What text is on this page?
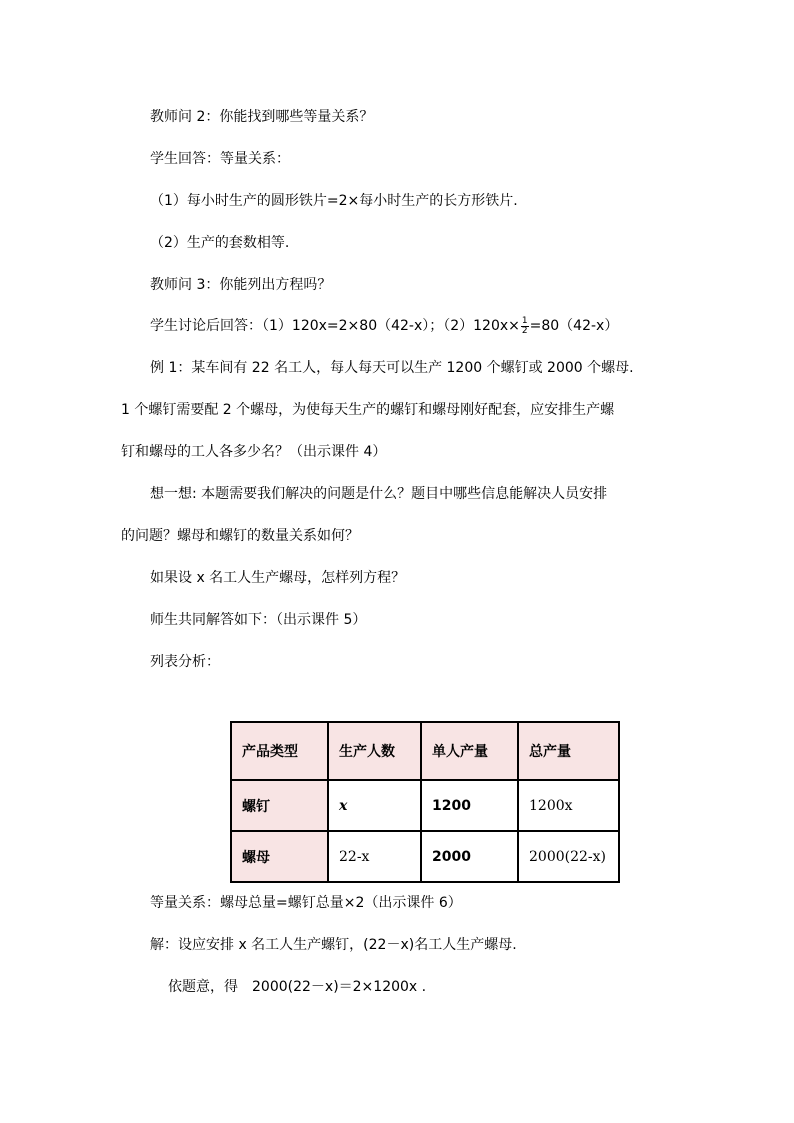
教师问 2：你能找到哪些等量关系？
学生回答：等量关系：
（1）每小时生产的圆形铁片=2×每小时生产的长方形铁片.
（2）生产的套数相等.
教师问 3：你能列出方程吗？
学生讨论后回答：（1）120x=2×80（42-x）；$(2)120x\times \frac{1}{2} =80(42-x)$
例 1：某车间有 22 名工人，每人每天可以生产 1200 个螺钉或 2000 个螺母.
1 个螺钉需要配 2 个螺母，为使每天生产的螺钉和螺母刚好配套，应安排生产螺
钉和螺母的工人各多少名？（出示课件 4）
想一想: 本题需要我们解决的问题是什么？题目中哪些信息能解决人员安排
的问题？螺母和螺钉的数量关系如何？
如果设 x 名工人生产螺母，怎样列方程？
师生共同解答如下：（出示课件 5）
列表分析：
产品类型	生产人数	单人产量	总产量
螺钉	x	1200	1200x
螺母	22-x	2000	2000(22-x)
等量关系：螺母总量=螺钉总量×2（出示课件 6）
解：设应安排 x 名工人生产螺钉，(22－x)名工人生产螺母.
依题意，得　2000(22－x)＝2×1200x .
